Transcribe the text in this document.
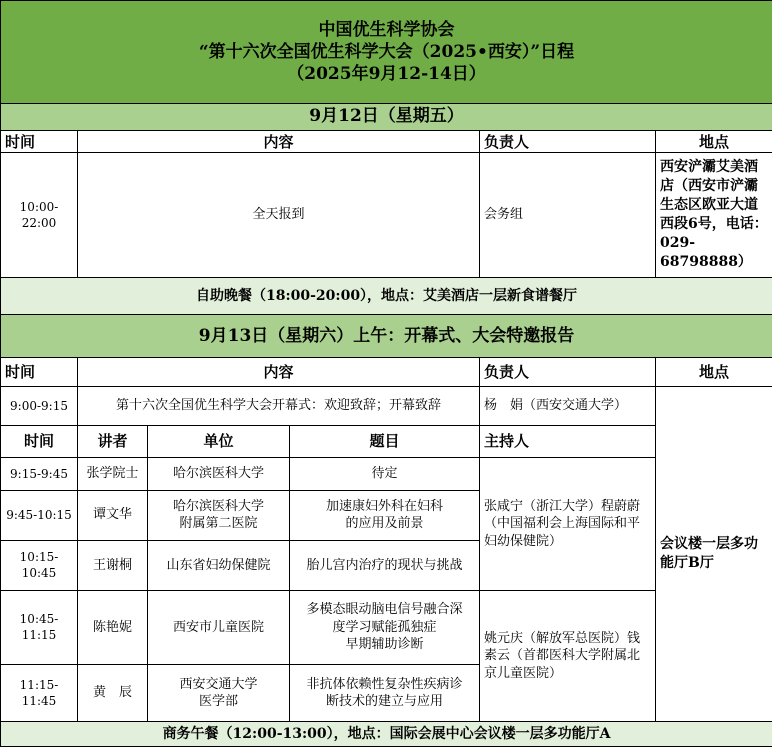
中国优生科学协会
“第十六次全国优生科学大会（2025•西安）”日程
（2025年9月12-14日）					

9月12日（星期五）					
时间	内容			负责人	地点
10:00-22:00	全天报到			会务组	西安浐灞艾美酒店（西安市浐灞生态区欧亚大道西段6号，电话：029-68798888）
自助晚餐（18:00-20:00），地点：艾美酒店一层新食谱餐厅					
9月13日（星期六）上午：开幕式、大会特邀报告					
时间	内容			负责人	地点
9:00-9:15	第十六次全国优生科学大会开幕式：欢迎致辞；开幕致辞			杨　娟（西安交通大学）	会议楼一层多功能厅B厅
时间	讲者	单位	题目	主持人	
9:15-9:45	张学院士	哈尔滨医科大学	待定	张咸宁（浙江大学）程蔚蔚（中国福利会上海国际和平妇幼保健院）	
9:45-10:15	谭文华	哈尔滨医科大学
附属第二医院	加速康妇外科在妇科
的应用及前景		

10:15-10:45	王谢桐	山东省妇幼保健院	胎儿宫内治疗的现状与挑战		

10:45-11:15	陈艳妮	西安市儿童医院	多模态眼动脑电信号融合深
度学习赋能孤独症
早期辅助诊断	姚元庆（解放军总医院）钱素云（首都医科大学附属北京儿童医院）	
11:15-11:45	黄　辰	西安交通大学
医学部	非抗体依赖性复杂性疾病诊
断技术的建立与应用		

商务午餐（12:00-13:00），地点：国际会展中心会议楼一层多功能厅A					
